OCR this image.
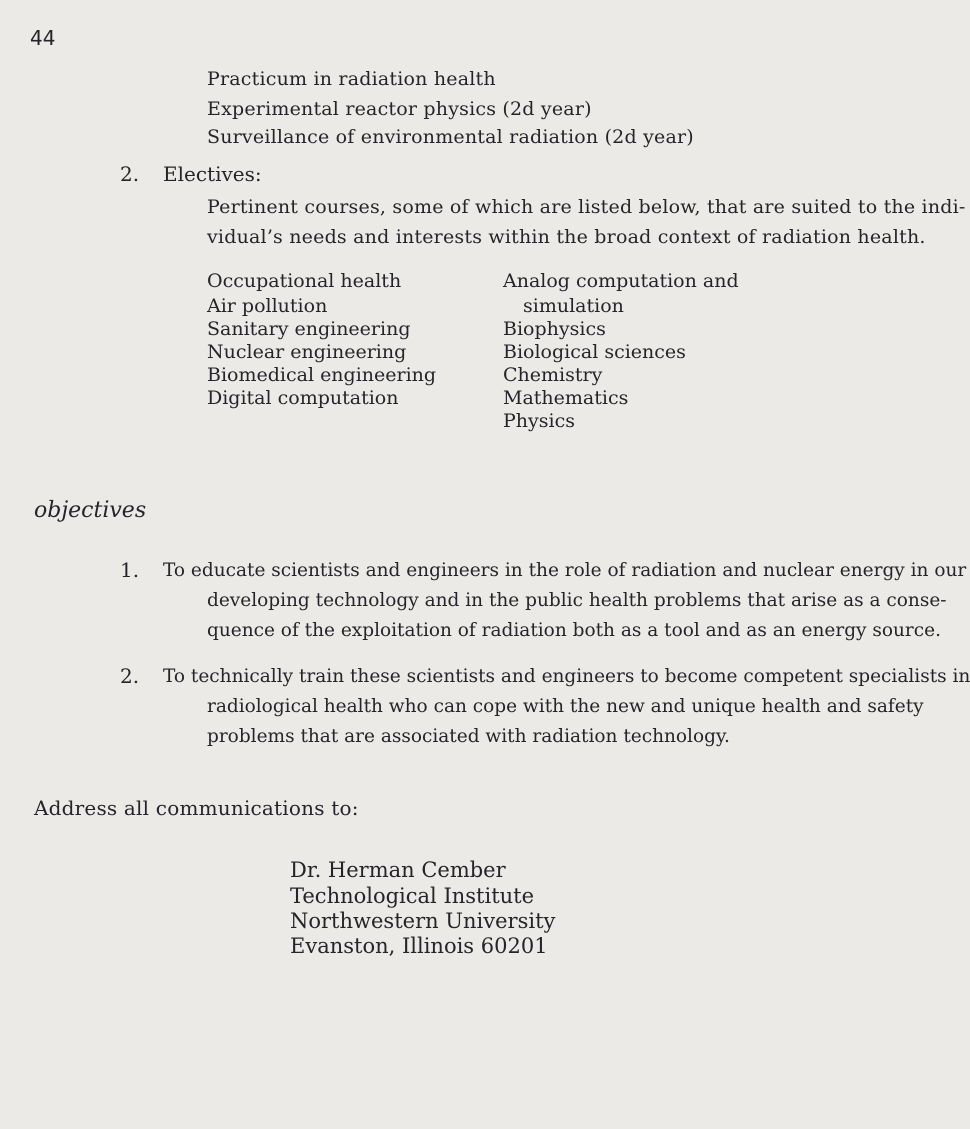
44
Practicum in radiation health
Experimental reactor physics (2d year)
Surveillance of environmental radiation (2d year)
2. Electives:
Pertinent courses, some of which are listed below, that are suited to the indi-
vidual’s needs and interests within the broad context of radiation health.
Occupational health
Air pollution
Sanitary engineering
Nuclear engineering
Biomedical engineering
Digital computation
Analog computation and
simulation
Biophysics
Biological sciences
Chemistry
Mathematics
Physics
objectives
1. To educate scientists and engineers in the role of radiation and nuclear energy in our
developing technology and in the public health problems that arise as a conse-
quence of the exploitation of radiation both as a tool and as an energy source.
2. To technically train these scientists and engineers to become competent specialists in
radiological health who can cope with the new and unique health and safety
problems that are associated with radiation technology.
Address all communications to:
Dr. Herman Cember
Technological Institute
Northwestern University
Evanston, Illinois 60201
